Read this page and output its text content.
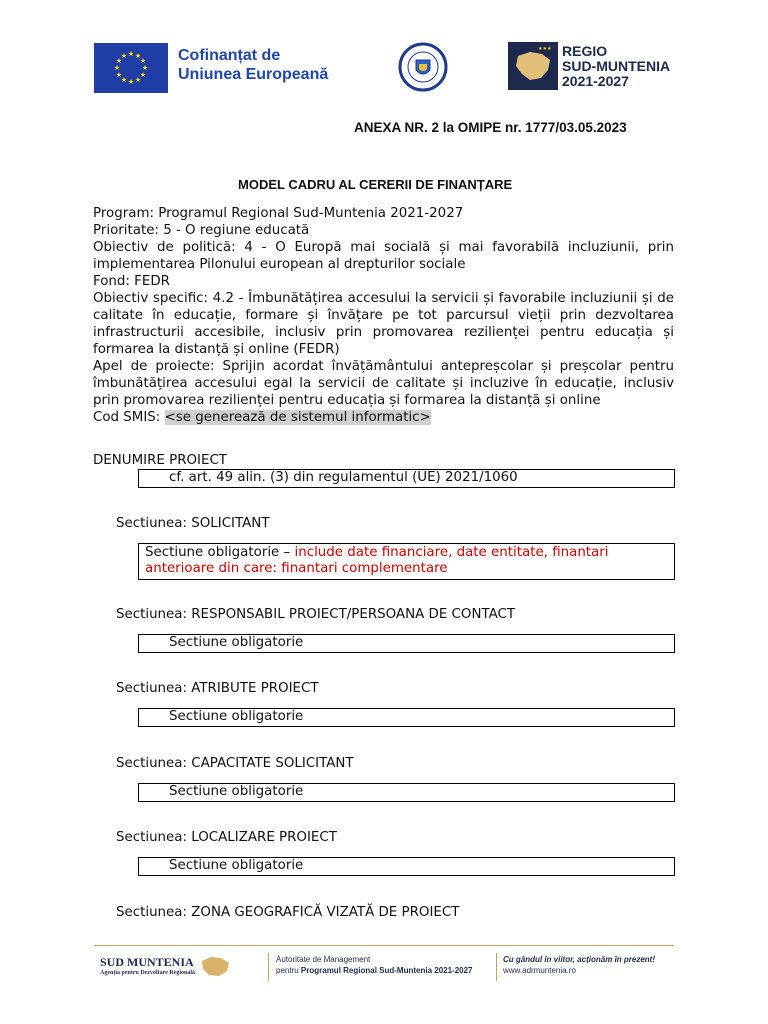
★ ★
★
★
★
★
★
★
★
★
★
★	Cofinanțat de
Uniunea Europeană
★★★ REGIO
SUD-MUNTENIA
2021-2027
ANEXA NR. 2 la OMIPE nr. 1777/03.05.2023
MODEL CADRU AL CERERII DE FINANȚARE
Program: Programul Regional Sud-Muntenia 2021-2027
Prioritate: 5 - O regiune educată
Obiectiv de politică: 4 - O Europă mai socială și mai favorabilă incluziunii, prin implementarea Pilonului european al drepturilor sociale
Fond: FEDR
Obiectiv specific: 4.2 - Îmbunătățirea accesului la servicii și favorabile incluziunii și de calitate în educație, formare și învățare pe tot parcursul vieții prin dezvoltarea infrastructurii accesibile, inclusiv prin promovarea rezilienței pentru educația și formarea la distanță și online (FEDR)
Apel de proiecte: Sprijin acordat învățământului antepreșcolar și preșcolar pentru îmbunătățirea accesului egal la servicii de calitate și incluzive în educație, inclusiv prin promovarea rezilienței pentru educația și formarea la distanță și online
Cod SMIS: <se generează de sistemul informatic>
DENUMIRE PROIECT
cf. art. 49 alin. (3) din regulamentul (UE) 2021/1060
Sectiunea: SOLICITANT
Sectiune obligatorie – include date financiare, date entitate, finantari anterioare din care: finantari complementare
Sectiunea: RESPONSABIL PROIECT/PERSOANA DE CONTACT
Sectiune obligatorie
Sectiunea: ATRIBUTE PROIECT
Sectiune obligatorie
Sectiunea: CAPACITATE SOLICITANT
Sectiune obligatorie
Sectiunea: LOCALIZARE PROIECT
Sectiune obligatorie
Sectiunea: ZONA GEOGRAFICĂ VIZATĂ DE PROIECT
SUD MUNTENIA
Agenția pentru Dezvoltare Regională
Autoritate de Management
pentru Programul Regional Sud-Muntenia 2021-2027
Cu gândul în viitor, acționăm în prezent!
www.adrmuntenia.ro
